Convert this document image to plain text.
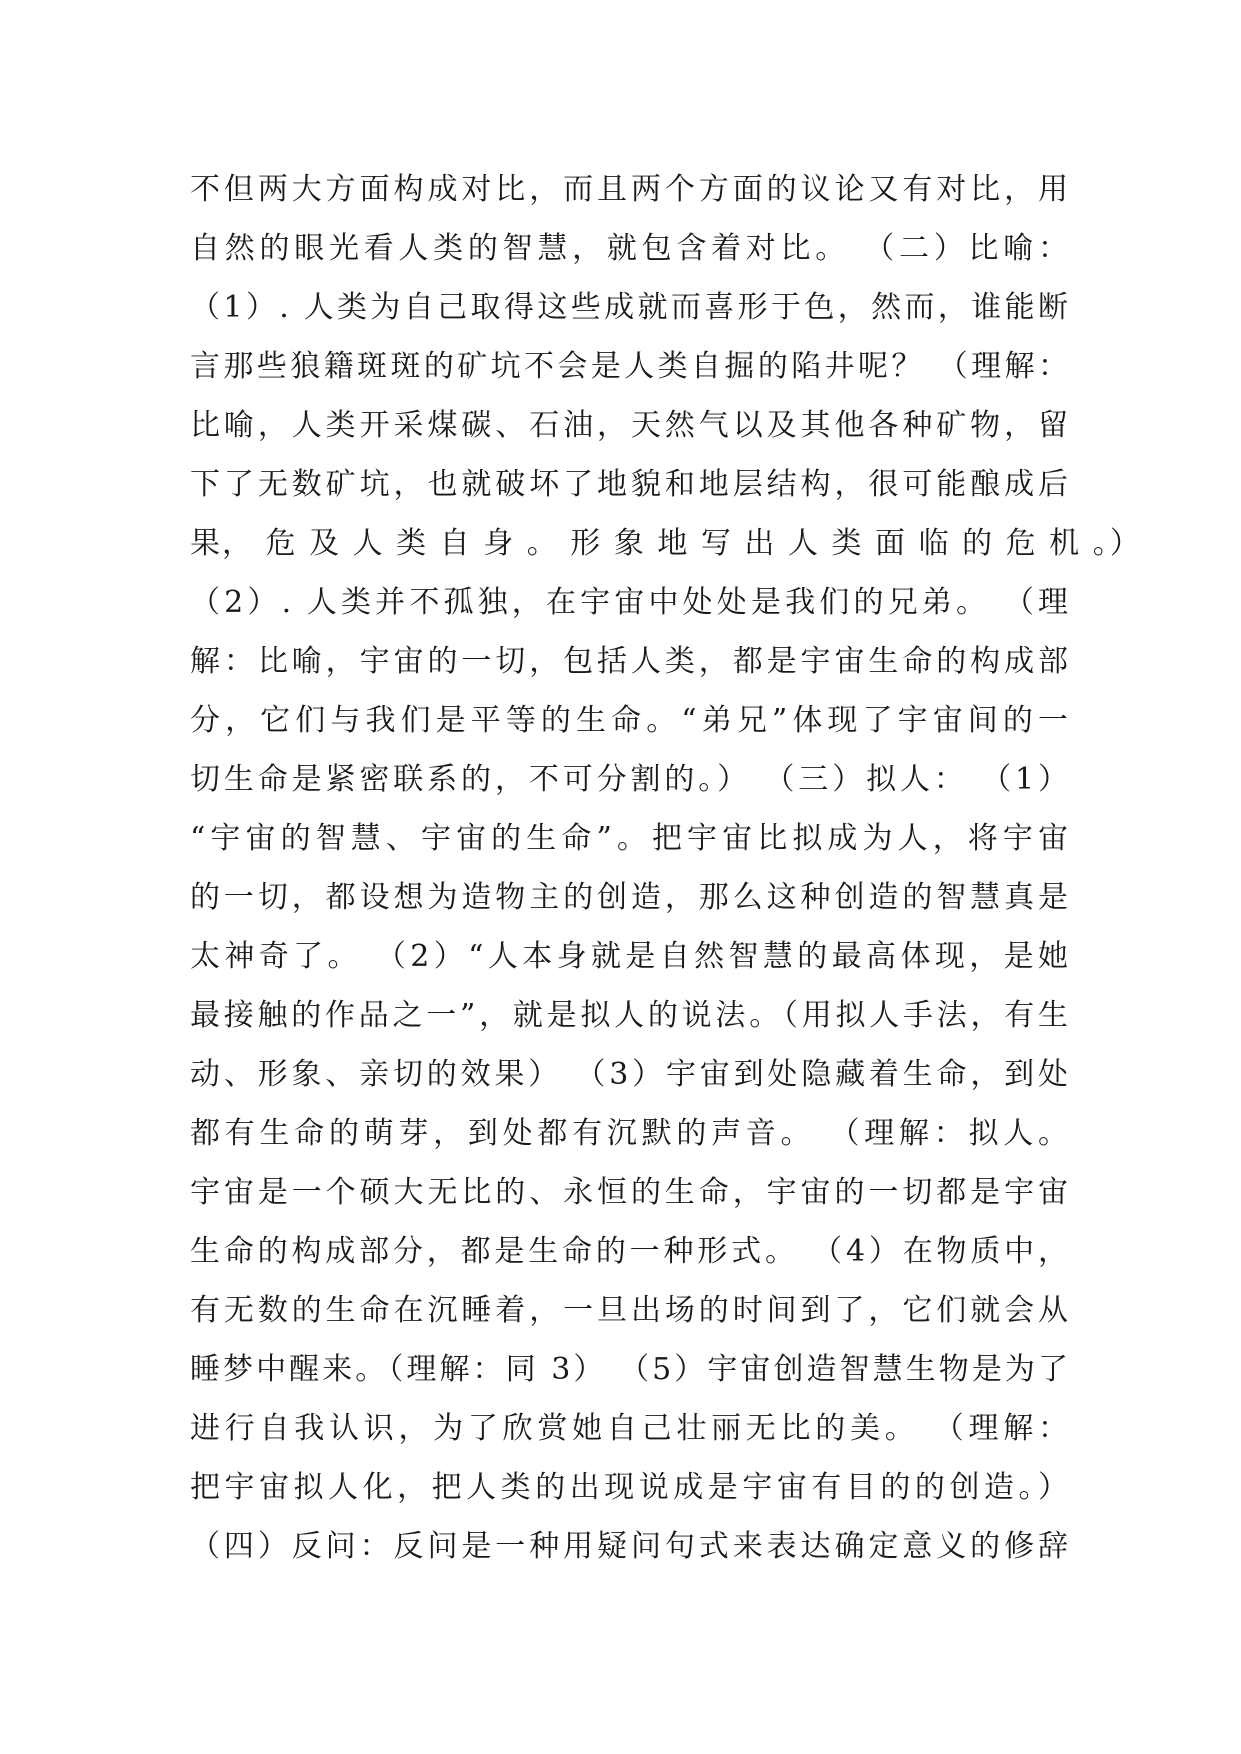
不但两大方面构成对比，而且两个方面的议论又有对比，用
自然的眼光看人类的智慧，就包含着对比。 （二）比喻：
（1）. 人类为自己取得这些成就而喜形于色，然而，谁能断
言那些狼籍斑斑的矿坑不会是人类自掘的陷井呢？ （理解：
比喻，人类开采煤碳、石油，天然气以及其他各种矿物，留
下了无数矿坑，也就破坏了地貌和地层结构，很可能酿成后
果， 危 及 人 类 自 身 。 形 象 地 写 出 人 类 面 临 的 危 机 。）
（2）. 人类并不孤独，在宇宙中处处是我们的兄弟。 （理
解：比喻，宇宙的一切，包括人类，都是宇宙生命的构成部
分，它们与我们是平等的生命。“弟兄”体现了宇宙间的一
切生命是紧密联系的，不可分割的。） （三）拟人： （1）
“宇宙的智慧、宇宙的生命”。把宇宙比拟成为人，将宇宙
的一切，都设想为造物主的创造，那么这种创造的智慧真是
太神奇了。 （2）“人本身就是自然智慧的最高体现，是她
最接触的作品之一”，就是拟人的说法。（用拟人手法，有生
动、形象、亲切的效果） （3）宇宙到处隐藏着生命，到处
都有生命的萌芽，到处都有沉默的声音。 （理解：拟人。
宇宙是一个硕大无比的、永恒的生命，宇宙的一切都是宇宙
生命的构成部分，都是生命的一种形式。 （4）在物质中，
有无数的生命在沉睡着，一旦出场的时间到了，它们就会从
睡梦中醒来。（理解：同 3） （5）宇宙创造智慧生物是为了
进行自我认识，为了欣赏她自己壮丽无比的美。 （理解：
把宇宙拟人化，把人类的出现说成是宇宙有目的的创造。）
（四）反问：反问是一种用疑问句式来表达确定意义的修辞
